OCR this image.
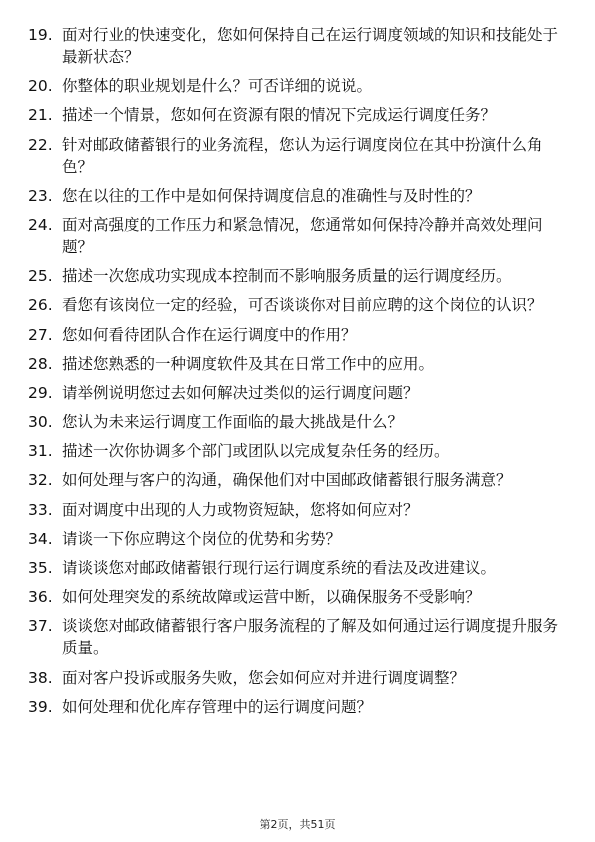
19. 面对行业的快速变化，您如何保持自己在运行调度领域的知识和技能处于最新状态？
20. 你整体的职业规划是什么？可否详细的说说。
21. 描述一个情景，您如何在资源有限的情况下完成运行调度任务？
22. 针对邮政储蓄银行的业务流程，您认为运行调度岗位在其中扮演什么角色？
23. 您在以往的工作中是如何保持调度信息的准确性与及时性的？
24. 面对高强度的工作压力和紧急情况，您通常如何保持冷静并高效处理问题？
25. 描述一次您成功实现成本控制而不影响服务质量的运行调度经历。
26. 看您有该岗位一定的经验，可否谈谈你对目前应聘的这个岗位的认识？
27. 您如何看待团队合作在运行调度中的作用？
28. 描述您熟悉的一种调度软件及其在日常工作中的应用。
29. 请举例说明您过去如何解决过类似的运行调度问题？
30. 您认为未来运行调度工作面临的最大挑战是什么？
31. 描述一次你协调多个部门或团队以完成复杂任务的经历。
32. 如何处理与客户的沟通，确保他们对中国邮政储蓄银行服务满意？
33. 面对调度中出现的人力或物资短缺，您将如何应对？
34. 请谈一下你应聘这个岗位的优势和劣势？
35. 请谈谈您对邮政储蓄银行现行运行调度系统的看法及改进建议。
36. 如何处理突发的系统故障或运营中断，以确保服务不受影响？
37. 谈谈您对邮政储蓄银行客户服务流程的了解及如何通过运行调度提升服务质量。
38. 面对客户投诉或服务失败，您会如何应对并进行调度调整？
39. 如何处理和优化库存管理中的运行调度问题？
第2页，共51页
